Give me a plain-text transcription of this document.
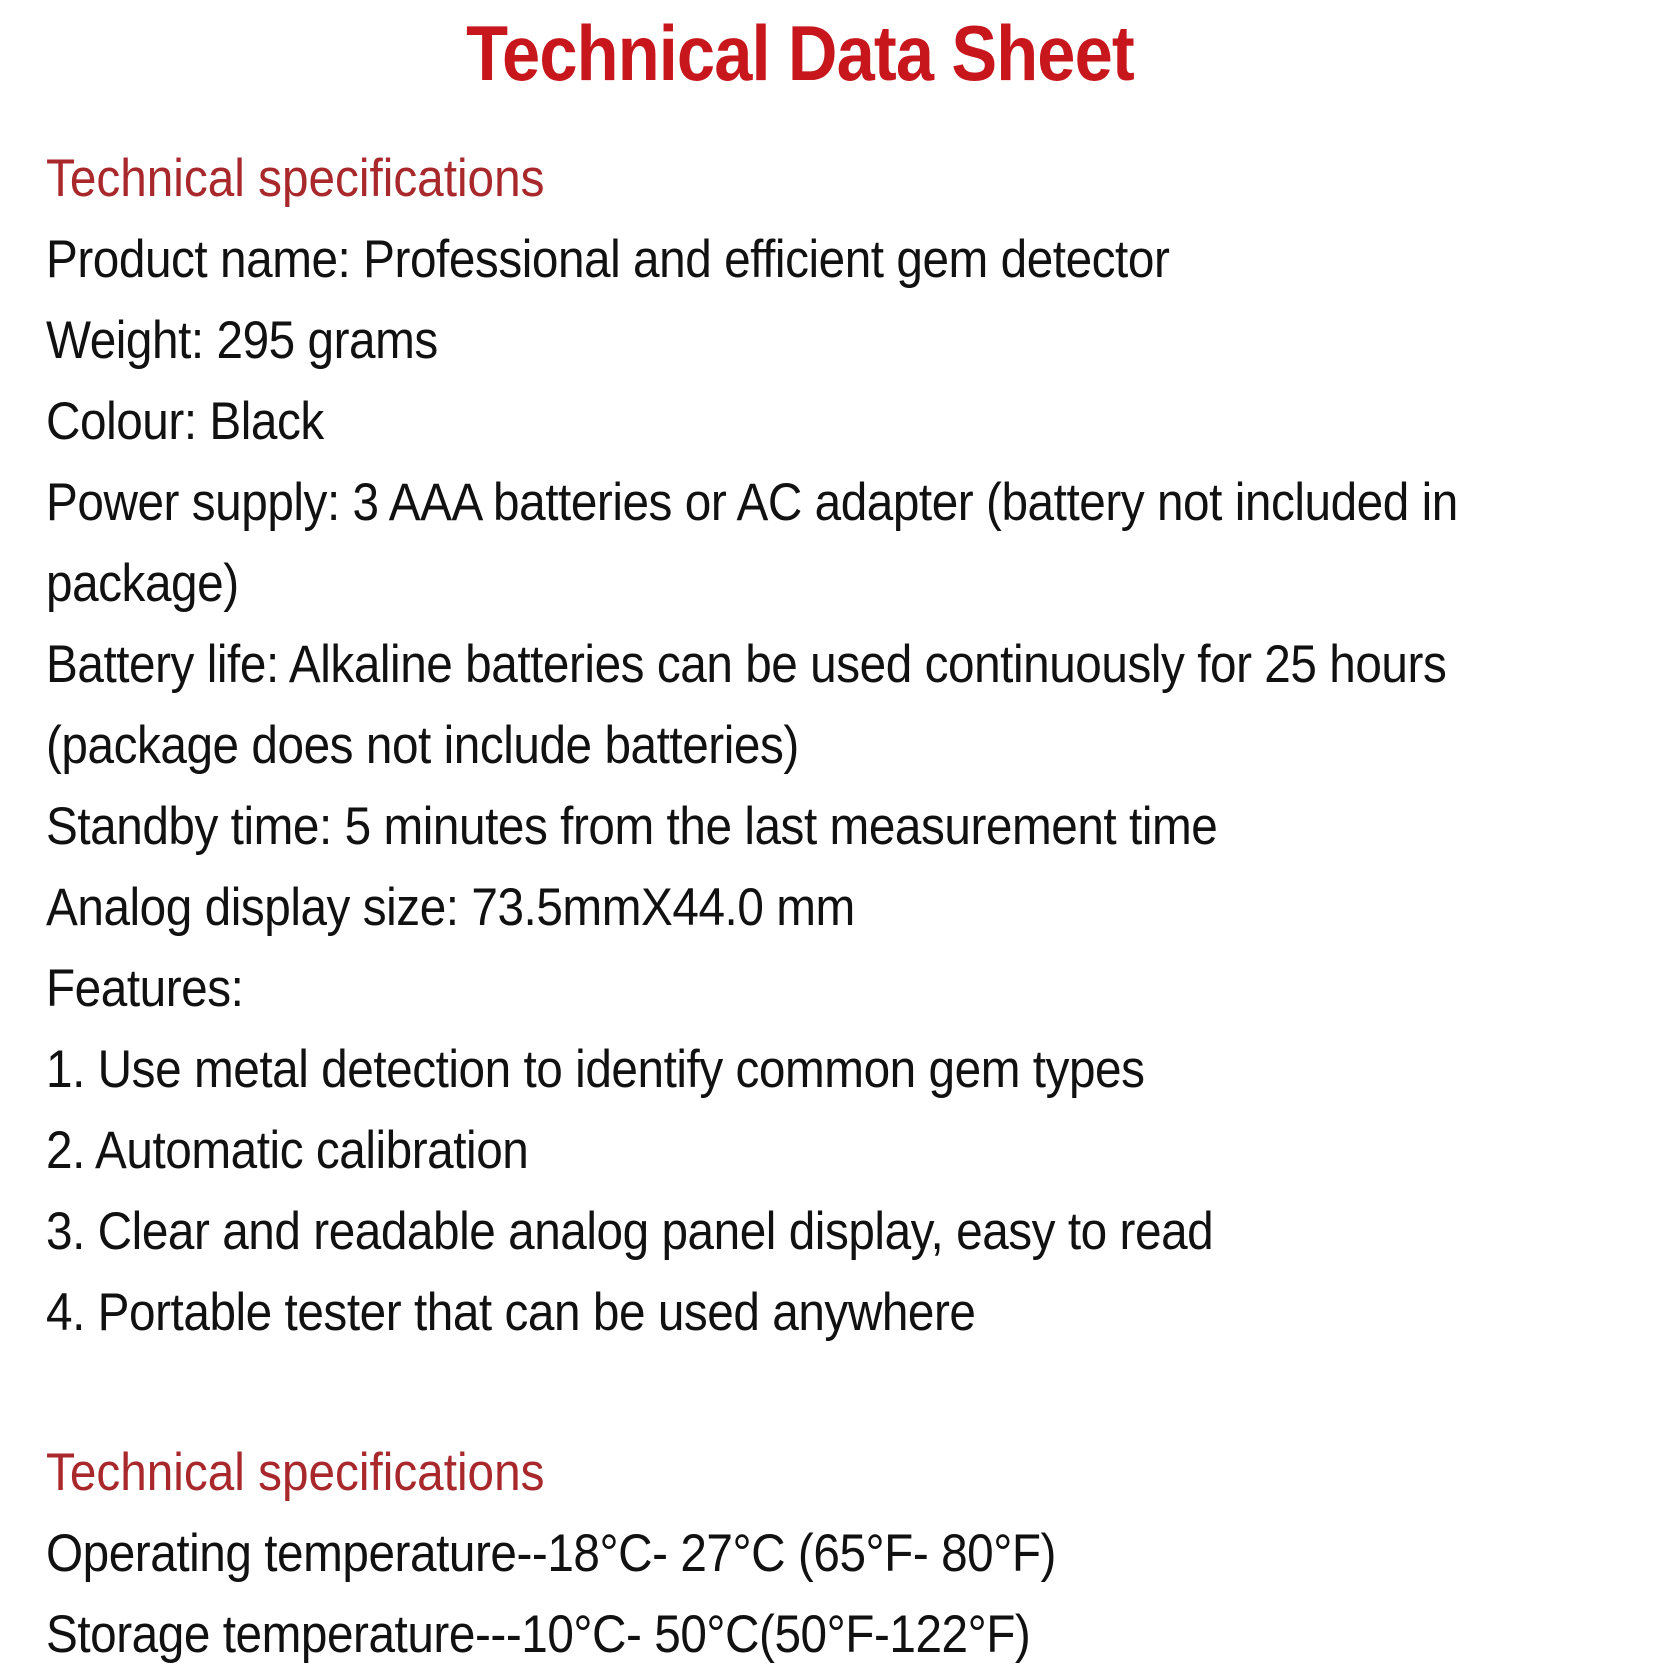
Technical Data Sheet
Technical specifications
Product name: Professional and efficient gem detector
Weight: 295 grams
Colour: Black
Power supply: 3 AAA batteries or AC adapter (battery not included in
package)
Battery life: Alkaline batteries can be used continuously for 25 hours
(package does not include batteries)
Standby time: 5 minutes from the last measurement time
Analog display size: 73.5mmX44.0 mm
Features:
1. Use metal detection to identify common gem types
2. Automatic calibration
3. Clear and readable analog panel display, easy to read
4. Portable tester that can be used anywhere
Technical specifications
Operating temperature--18°C- 27°C (65°F- 80°F)
Storage temperature---10°C- 50°C(50°F-122°F)
